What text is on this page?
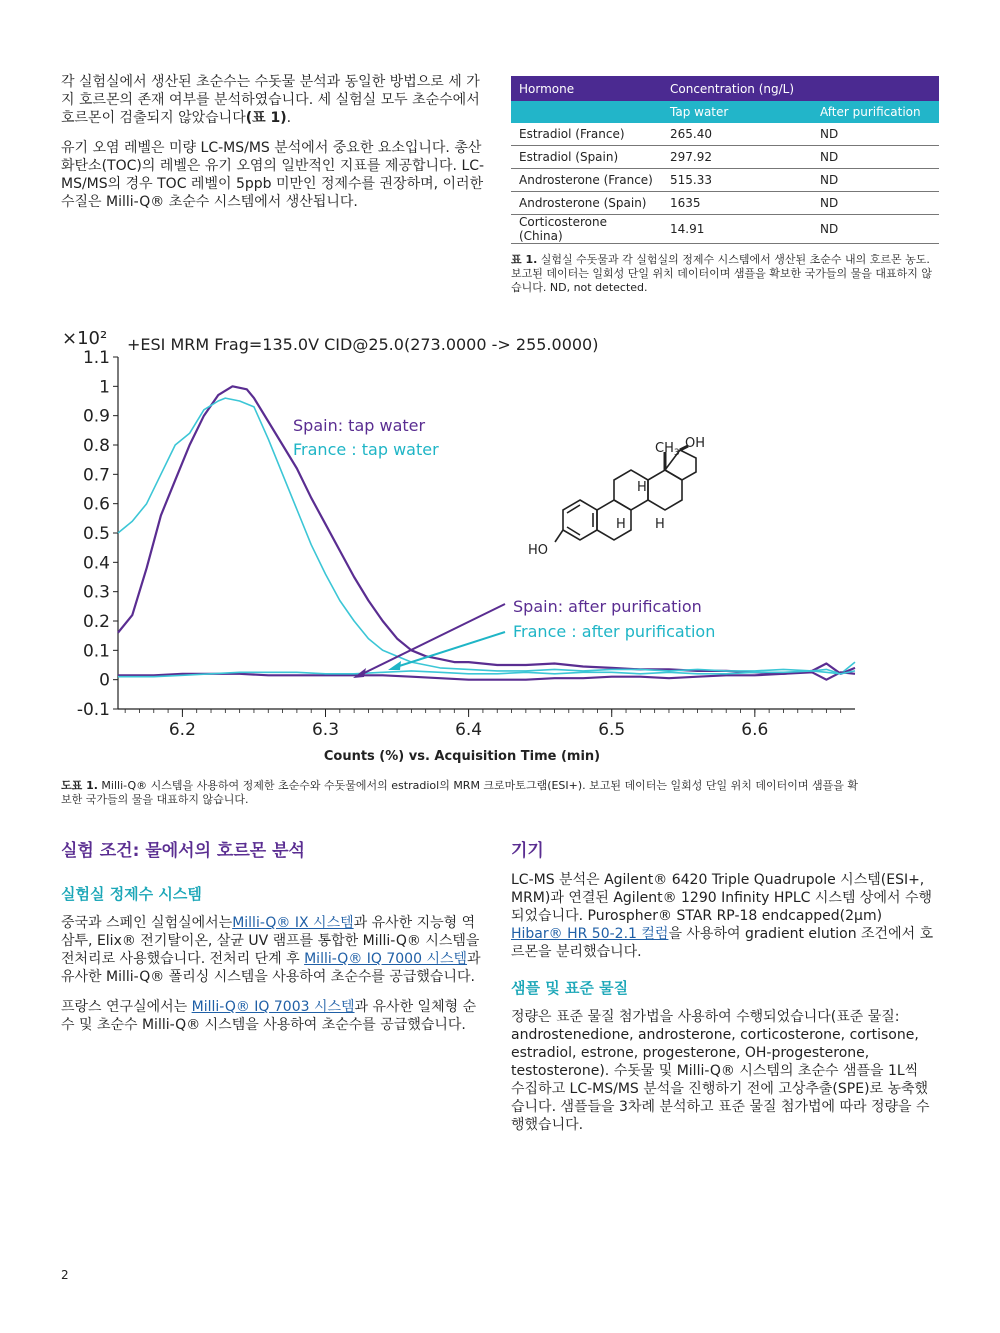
각 실험실에서 생산된 초순수는 수돗물 분석과 동일한 방법으로 세 가지 호르몬의 존재 여부를 분석하였습니다. 세 실험실 모두 초순수에서 호르몬이 검출되지 않았습니다(표 1).

유기 오염 레벨은 미량 LC-MS/MS 분석에서 중요한 요소입니다. 총산화탄소(TOC)의 레벨은 유기 오염의 일반적인 지표를 제공합니다. LC-MS/MS의 경우 TOC 레벨이 5ppb 미만인 정제수를 권장하며, 이러한 수질은 Milli-Q® 초순수 시스템에서 생산됩니다.

Hormone	Concentration (ng/L)	
	Tap water	After purification
Estradiol (France)	265.40	ND
Estradiol (Spain)	297.92	ND
Androsterone (France)	515.33	ND
Androsterone (Spain)	1635	ND
Corticosterone (China)	14.91	ND
표 1. 실험실 수돗물과 각 실험실의 정제수 시스템에서 생산된 초순수 내의 호르몬 농도. 보고된 데이터는 일회성 단일 위치 데이터이며 샘플을 확보한 국가들의 물을 대표하지 않습니다. ND, not detected.
×10² +ESI MRM Frag=135.0V CID@25.0(273.0000 -> 255.0000)
1.1
1
0.9
0.8
0.7
0.6
0.5
0.4
0.3
0.2
0.1
0
-0.1
6.2	6.3	6.4	6.5	6.6
Spain: tap water
France : tap water
Spain: after purification
France : after purification
$CH_3$
OH
HO
H
H H
Counts (%) vs. Acquisition Time (min)
도표 1. Milli-Q® 시스템을 사용하여 정제한 초순수와 수돗물에서의 estradiol의 MRM 크로마토그램(ESI+). 보고된 데이터는 일회성 단일 위치 데이터이며 샘플을 확보한 국가들의 물을 대표하지 않습니다.
실험 조건: 물에서의 호르몬 분석
실험실 정제수 시스템

중국과 스페인 실험실에서는Milli-Q® IX 시스템과 유사한 지능형 역삼투, Elix® 전기탈이온, 살균 UV 램프를 통합한 Milli-Q® 시스템을 전처리로 사용했습니다. 전처리 단계 후 Milli-Q® IQ 7000 시스템과 유사한 Milli-Q® 폴리싱 시스템을 사용하여 초순수를 공급했습니다.

프랑스 연구실에서는 Milli-Q® IQ 7003 시스템과 유사한 일체형 순수 및 초순수 Milli-Q® 시스템을 사용하여 초순수를 공급했습니다.

기기

LC-MS 분석은 Agilent® 6420 Triple Quadrupole 시스템(ESI+, MRM)과 연결된 Agilent® 1290 Infinity HPLC 시스템 상에서 수행되었습니다. Purospher® STAR RP-18 endcapped(2µm) Hibar® HR 50-2.1 컬럼을 사용하여 gradient elution 조건에서 호르몬을 분리했습니다.

샘플 및 표준 물질

정량은 표준 물질 첨가법을 사용하여 수행되었습니다(표준 물질: androstenedione, androsterone, corticosterone, cortisone, estradiol, estrone, progesterone, OH-progesterone, testosterone). 수돗물 및 Milli-Q® 시스템의 초순수 샘플을 1L씩 수집하고 LC-MS/MS 분석을 진행하기 전에 고상추출(SPE)로 농축했습니다. 샘플들을 3차례 분석하고 표준 물질 첨가법에 따라 정량을 수행했습니다.

2
